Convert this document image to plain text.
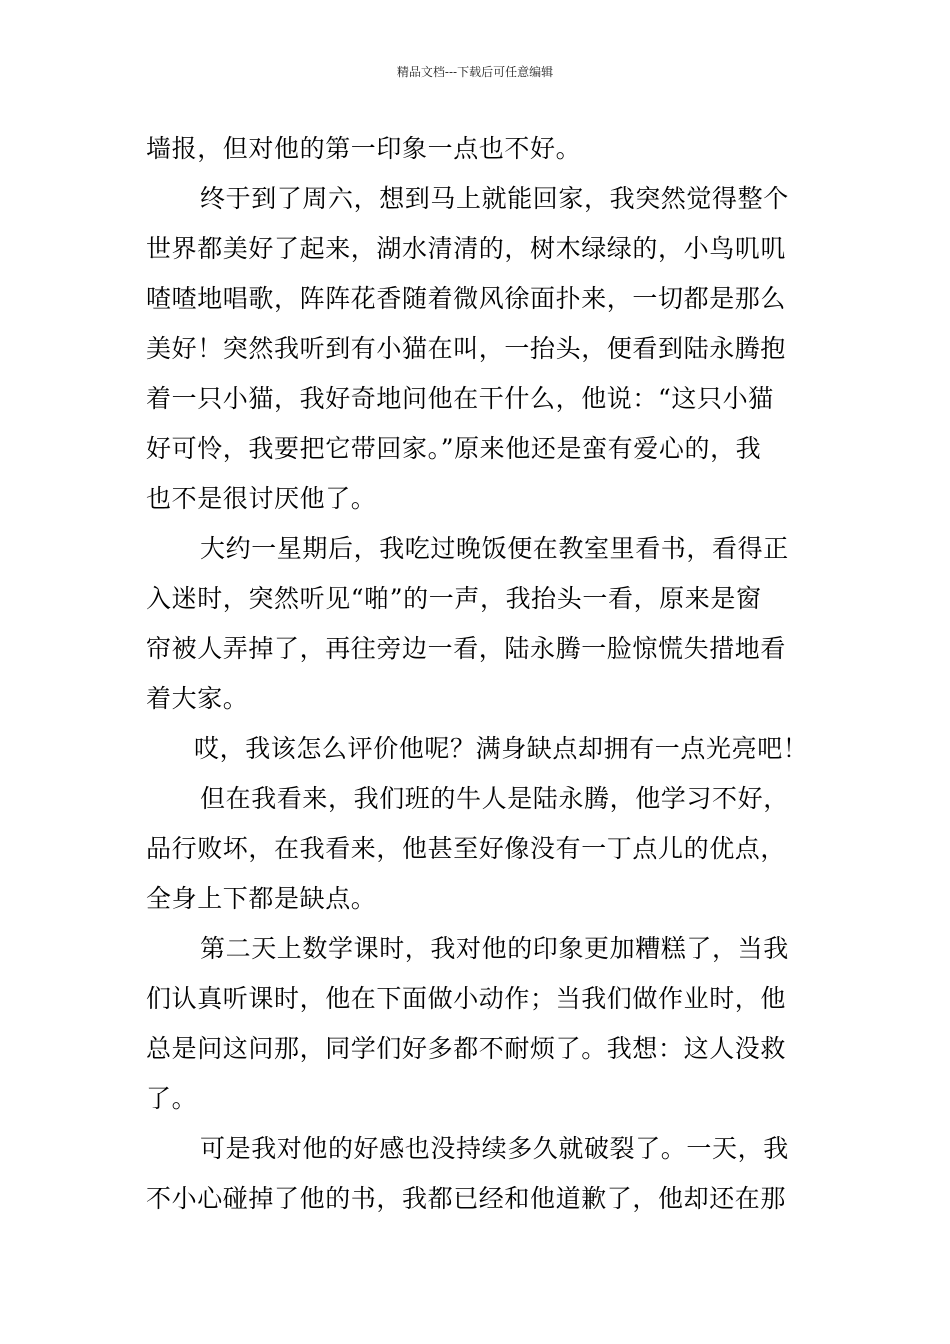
精品文档---下载后可任意编辑
墙报，但对他的第一印象一点也不好。
终于到了周六，想到马上就能回家，我突然觉得整个
世界都美好了起来，湖水清清的，树木绿绿的，小鸟叽叽
喳喳地唱歌，阵阵花香随着微风徐面扑来，一切都是那么
美好！突然我听到有小猫在叫，一抬头，便看到陆永腾抱
着一只小猫，我好奇地问他在干什么，他说：“这只小猫
好可怜，我要把它带回家。”原来他还是蛮有爱心的，我
也不是很讨厌他了。
大约一星期后，我吃过晚饭便在教室里看书，看得正
入迷时，突然听见“啪”的一声，我抬头一看，原来是窗
帘被人弄掉了，再往旁边一看，陆永腾一脸惊慌失措地看
着大家。
哎，我该怎么评价他呢？满身缺点却拥有一点光亮吧！
但在我看来，我们班的牛人是陆永腾，他学习不好，
品行败坏，在我看来，他甚至好像没有一丁点儿的优点，
全身上下都是缺点。
第二天上数学课时，我对他的印象更加糟糕了，当我
们认真听课时，他在下面做小动作；当我们做作业时，他
总是问这问那，同学们好多都不耐烦了。我想：这人没救
了。
可是我对他的好感也没持续多久就破裂了。一天，我
不小心碰掉了他的书，我都已经和他道歉了，他却还在那
